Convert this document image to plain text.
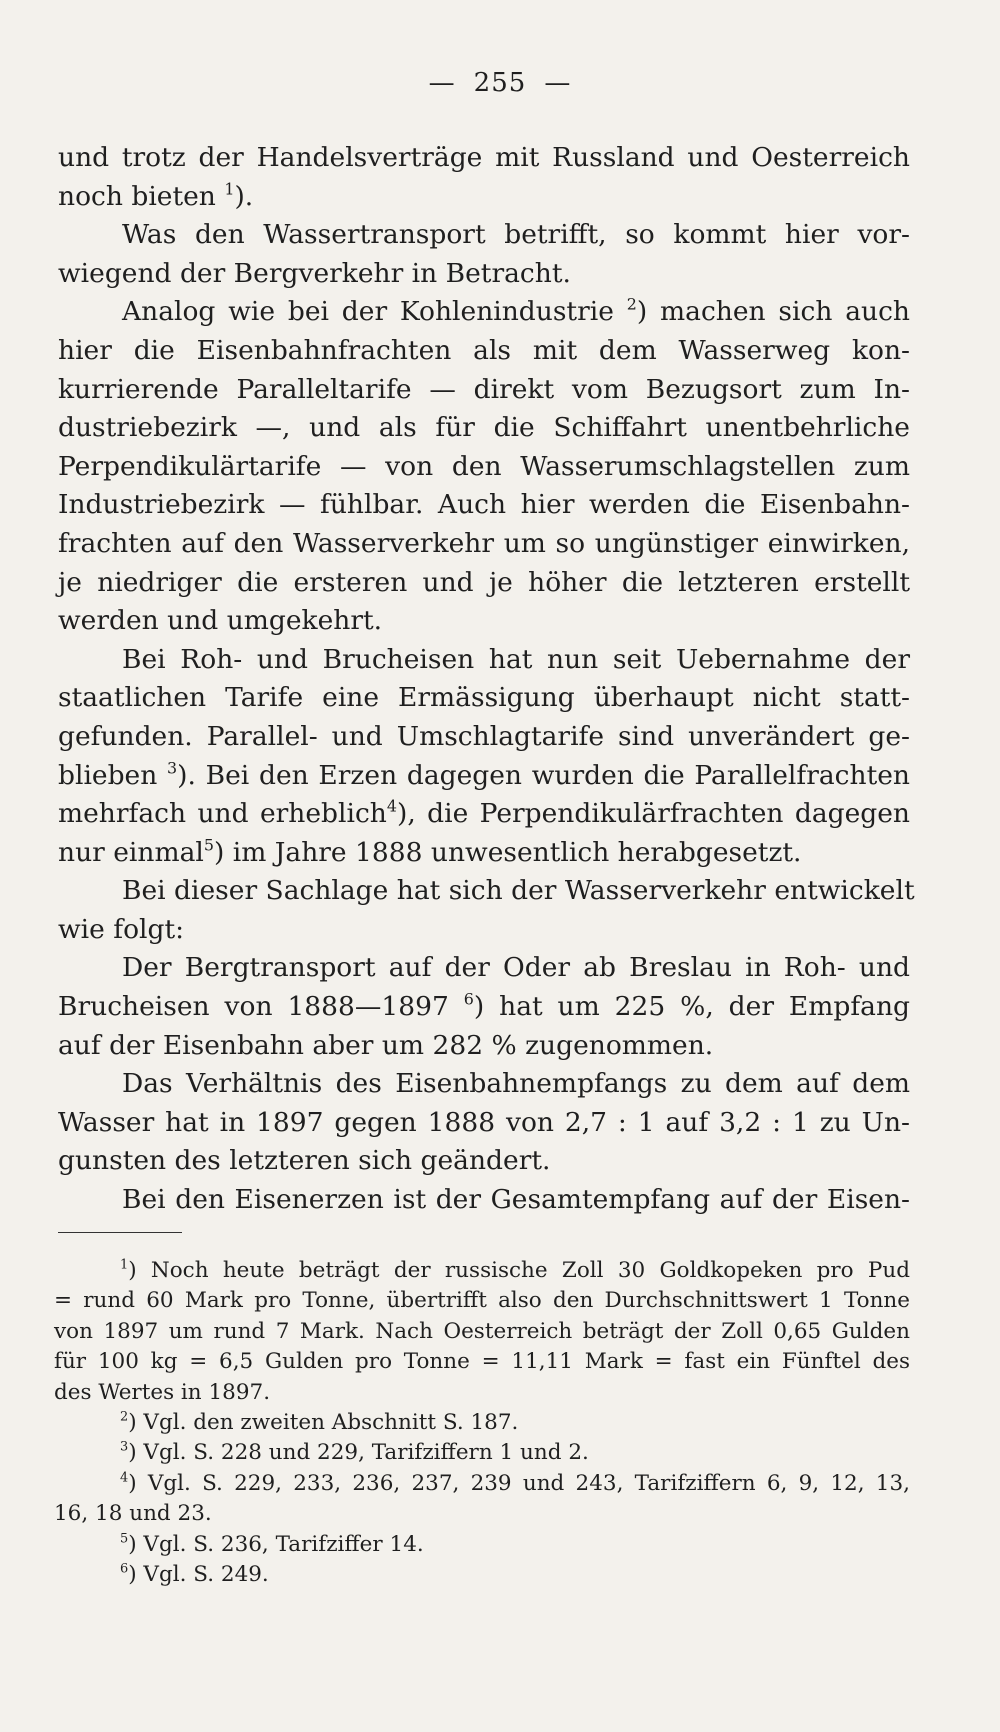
— 255 —
und trotz der Handelsverträge mit Russland und Oesterreich
noch bieten $^1$).
Was den Wassertransport betrifft, so kommt hier vor-
wiegend der Bergverkehr in Betracht.
Analog wie bei der Kohlenindustrie $^2$) machen sich auch
hier die Eisenbahnfrachten als mit dem Wasserweg kon-
kurrierende Paralleltarife — direkt vom Bezugsort zum In-
dustriebezirk —, und als für die Schiffahrt unentbehrliche
Perpendikulärtarife — von den Wasserumschlagstellen zum
Industriebezirk — fühlbar. Auch hier werden die Eisenbahn-
frachten auf den Wasserverkehr um so ungünstiger einwirken,
je niedriger die ersteren und je höher die letzteren erstellt
werden und umgekehrt.
Bei Roh- und Brucheisen hat nun seit Uebernahme der
staatlichen Tarife eine Ermässigung überhaupt nicht statt-
gefunden. Parallel- und Umschlagtarife sind unverändert ge-
blieben $^3$). Bei den Erzen dagegen wurden die Parallelfrachten
mehrfach und erheblich$^4$), die Perpendikulärfrachten dagegen
nur einmal$^5$) im Jahre 1888 unwesentlich herabgesetzt.
Bei dieser Sachlage hat sich der Wasserverkehr entwickelt
wie folgt:
Der Bergtransport auf der Oder ab Breslau in Roh- und
Brucheisen von 1888—1897 $^6$) hat um 225 %, der Empfang
auf der Eisenbahn aber um 282 % zugenommen.
Das Verhältnis des Eisenbahnempfangs zu dem auf dem
Wasser hat in 1897 gegen 1888 von 2,7 : 1 auf 3,2 : 1 zu Un-
gunsten des letzteren sich geändert.
Bei den Eisenerzen ist der Gesamtempfang auf der Eisen-
$^1$) Noch heute beträgt der russische Zoll 30 Goldkopeken pro Pud
= rund 60 Mark pro Tonne, übertrifft also den Durchschnittswert 1 Tonne
von 1897 um rund 7 Mark. Nach Oesterreich beträgt der Zoll 0,65 Gulden
für 100 kg = 6,5 Gulden pro Tonne = 11,11 Mark = fast ein Fünftel des
des Wertes in 1897.
$^2$) Vgl. den zweiten Abschnitt S. 187.
$^3$) Vgl. S. 228 und 229, Tarifziffern 1 und 2.
$^4$) Vgl. S. 229, 233, 236, 237, 239 und 243, Tarifziffern 6, 9, 12, 13,
16, 18 und 23.
$^5$) Vgl. S. 236, Tarifziffer 14.
$^6$) Vgl. S. 249.
